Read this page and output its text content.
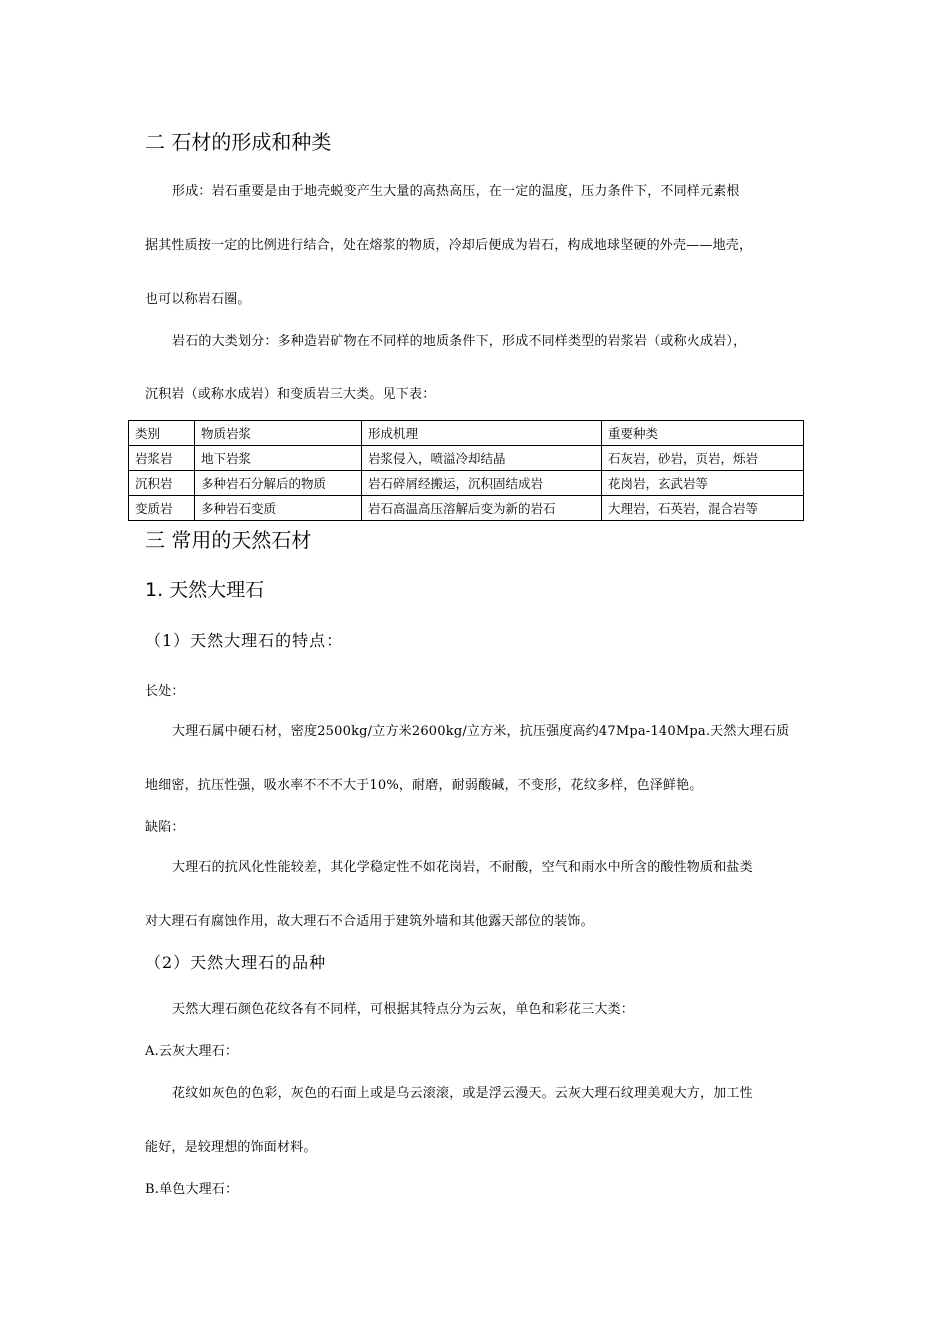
二 石材的形成和种类
形成：岩石重要是由于地壳蜕变产生大量的高热高压，在一定的温度，压力条件下，不同样元素根
据其性质按一定的比例进行结合，处在熔浆的物质，冷却后便成为岩石，构成地球坚硬的外壳——地壳，
也可以称岩石圈。
岩石的大类划分：多种造岩矿物在不同样的地质条件下，形成不同样类型的岩浆岩（或称火成岩），
沉积岩（或称水成岩）和变质岩三大类。见下表：
类别	物质岩浆	形成机理	重要种类
岩浆岩	地下岩浆	岩浆侵入，喷溢冷却结晶	石灰岩，砂岩，页岩，烁岩
沉积岩	多种岩石分解后的物质	岩石碎屑经搬运，沉积固结成岩	花岗岩，玄武岩等
变质岩	多种岩石变质	岩石高温高压溶解后变为新的岩石	大理岩，石英岩，混合岩等
三 常用的天然石材
1. 天然大理石
（1）天然大理石的特点：
长处：
大理石属中硬石材，密度2500kg/立方米2600kg/立方米，抗压强度高约47Mpa-140Mpa.天然大理石质
地细密，抗压性强，吸水率不不不大于10%，耐磨，耐弱酸碱，不变形，花纹多样，色泽鲜艳。
缺陷：
大理石的抗风化性能较差，其化学稳定性不如花岗岩，不耐酸，空气和雨水中所含的酸性物质和盐类
对大理石有腐蚀作用，故大理石不合适用于建筑外墙和其他露天部位的装饰。
（2）天然大理石的品种
天然大理石颜色花纹各有不同样，可根据其特点分为云灰，单色和彩花三大类：
A.云灰大理石：
花纹如灰色的色彩，灰色的石面上或是乌云滚滚，或是浮云漫天。云灰大理石纹理美观大方，加工性
能好，是较理想的饰面材料。
B.单色大理石：
